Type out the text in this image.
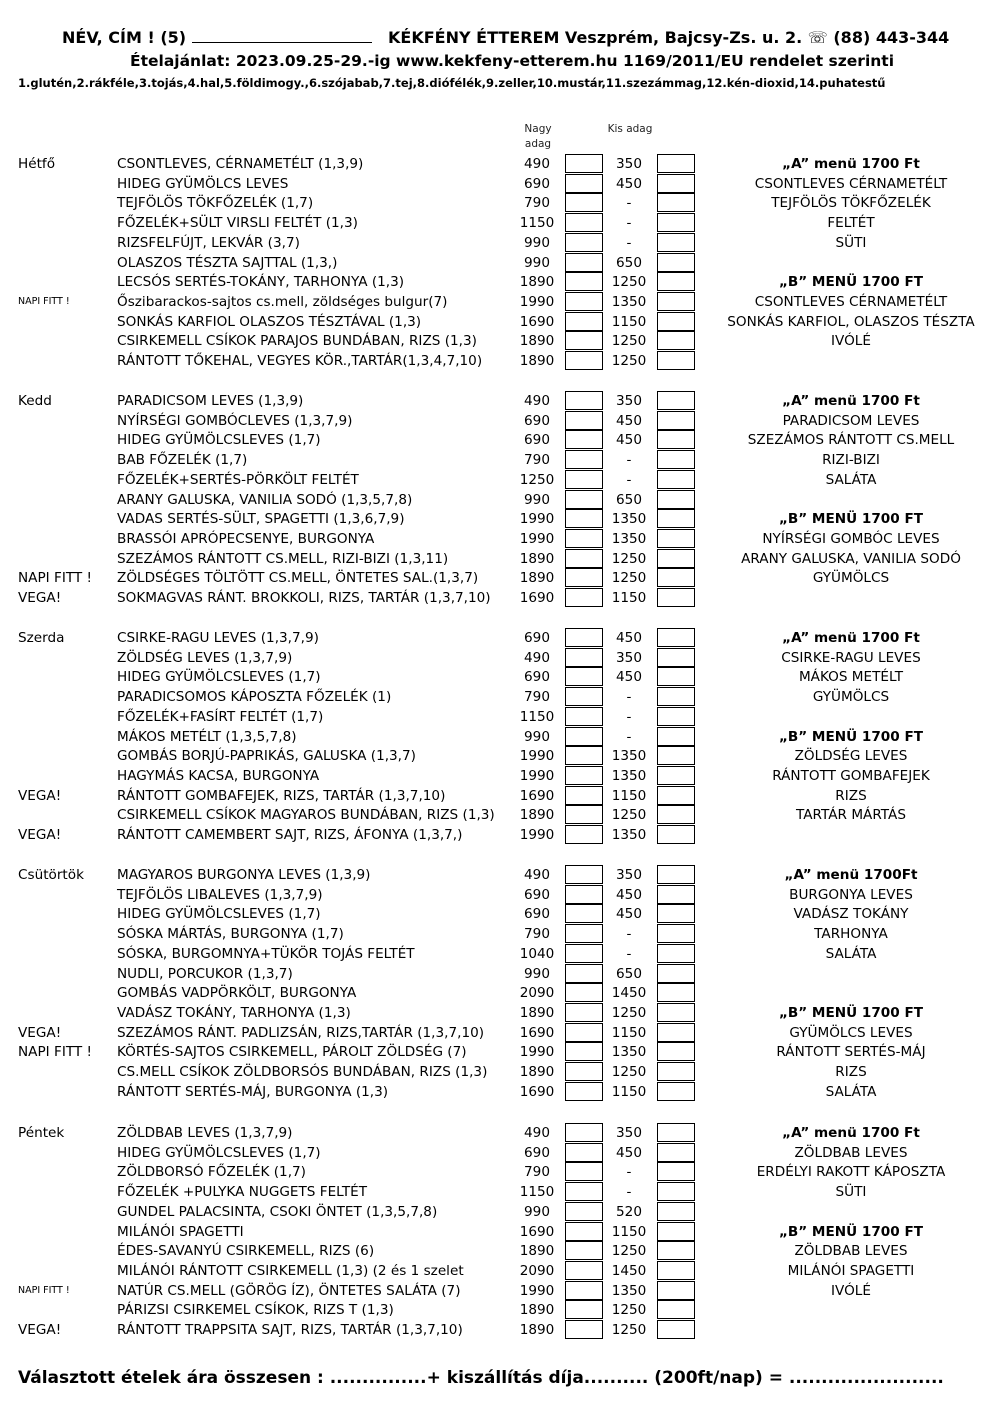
NÉV, CÍM ! (5)	KÉKFÉNY ÉTTEREM Veszprém, Bajcsy-Zs. u. 2. ☏ (88) 443-344
Ételajánlat: 2023.09.25-29.-ig www.kekfeny-etterem.hu 1169/2011/EU rendelet szerinti
1.glutén,2.rákféle,3.tojás,4.hal,5.földimogy.,6.szójabab,7.tej,8.diófélék,9.zeller,10.mustár,11.szezámmag,12.kén-dioxid,14.puhatestű
Nagy adag
Kis adag
Hétfő	CSONTLEVES, CÉRNAMETÉLT (1,3,9)	490	350	„A” menü 1700 Ft
HIDEG GYÜMÖLCS LEVES	690	450	CSONTLEVES CÉRNAMETÉLT
TEJFÖLÖS TÖKFŐZELÉK (1,7)	790	-	TEJFÖLÖS TÖKFŐZELÉK
FŐZELÉK+SÜLT VIRSLI FELTÉT (1,3)	1150	-	FELTÉT
RIZSFELFÚJT, LEKVÁR (3,7)	990	-	SÜTI
OLASZOS TÉSZTA SAJTTAL (1,3,)	990	650
LECSÓS SERTÉS-TOKÁNY, TARHONYA (1,3)	1890	1250	„B” MENÜ 1700 FT
NAPI FITT !	Őszibarackos-sajtos cs.mell, zöldséges bulgur(7)	1990	1350	CSONTLEVES CÉRNAMETÉLT
SONKÁS KARFIOL OLASZOS TÉSZTÁVAL (1,3)	1690	1150	SONKÁS KARFIOL, OLASZOS TÉSZTA
CSIRKEMELL CSÍKOK PARAJOS BUNDÁBAN, RIZS (1,3)	1890	1250	IVÓLÉ
RÁNTOTT TŐKEHAL, VEGYES KÖR.,TARTÁR(1,3,4,7,10)	1890	1250
Kedd	PARADICSOM LEVES (1,3,9)	490	350	„A” menü 1700 Ft
NYÍRSÉGI GOMBÓCLEVES (1,3,7,9)	690	450	PARADICSOM LEVES
HIDEG GYÜMÖLCSLEVES (1,7)	690	450	SZEZÁMOS RÁNTOTT CS.MELL
BAB FŐZELÉK (1,7)	790	-	RIZI-BIZI
FŐZELÉK+SERTÉS-PÖRKÖLT FELTÉT	1250	-	SALÁTA
ARANY GALUSKA, VANILIA SODÓ (1,3,5,7,8)	990	650
VADAS SERTÉS-SÜLT, SPAGETTI (1,3,6,7,9)	1990	1350	„B” MENÜ 1700 FT
BRASSÓI APRÓPECSENYE, BURGONYA	1990	1350	NYÍRSÉGI GOMBÓC LEVES
SZEZÁMOS RÁNTOTT CS.MELL, RIZI-BIZI (1,3,11)	1890	1250	ARANY GALUSKA, VANILIA SODÓ
NAPI FITT ! ZÖLDSÉGES TÖLTÖTT CS.MELL, ÖNTETES SAL.(1,3,7)	1890	1250	GYÜMÖLCS
VEGA!	SOKMAGVAS RÁNT. BROKKOLI, RIZS, TARTÁR (1,3,7,10)	1690	1150
Szerda	CSIRKE-RAGU LEVES (1,3,7,9)	690	450	„A” menü 1700 Ft
ZÖLDSÉG LEVES (1,3,7,9)	490	350	CSIRKE-RAGU LEVES
HIDEG GYÜMÖLCSLEVES (1,7)	690	450	MÁKOS METÉLT
PARADICSOMOS KÁPOSZTA FŐZELÉK (1)	790	-	GYÜMÖLCS
FŐZELÉK+FASÍRT FELTÉT (1,7)	1150	-
MÁKOS METÉLT (1,3,5,7,8)	990	-	„B” MENÜ 1700 FT
GOMBÁS BORJÚ-PAPRIKÁS, GALUSKA (1,3,7)	1990	1350	ZÖLDSÉG LEVES
HAGYMÁS KACSA, BURGONYA	1990	1350	RÁNTOTT GOMBAFEJEK
VEGA!	RÁNTOTT GOMBAFEJEK, RIZS, TARTÁR (1,3,7,10)	1690	1150	RIZS
CSIRKEMELL CSÍKOK MAGYAROS BUNDÁBAN, RIZS (1,3)	1890	1250	TARTÁR MÁRTÁS
VEGA!	RÁNTOTT CAMEMBERT SAJT, RIZS, ÁFONYA (1,3,7,)	1990	1350
Csütörtök MAGYAROS BURGONYA LEVES (1,3,9)	490	350	„A” menü 1700Ft
TEJFÖLÖS LIBALEVES (1,3,7,9)	690	450	BURGONYA LEVES
HIDEG GYÜMÖLCSLEVES (1,7)	690	450	VADÁSZ TOKÁNY
SÓSKA MÁRTÁS, BURGONYA (1,7)	790	-	TARHONYA
SÓSKA, BURGOMNYA+TÜKÖR TOJÁS FELTÉT	1040	-	SALÁTA
NUDLI, PORCUKOR (1,3,7)	990	650
GOMBÁS VADPÖRKÖLT, BURGONYA	2090	1450
VADÁSZ TOKÁNY, TARHONYA (1,3)	1890	1250	„B” MENÜ 1700 FT
VEGA!	SZEZÁMOS RÁNT. PADLIZSÁN, RIZS,TARTÁR (1,3,7,10)	1690	1150	GYÜMÖLCS LEVES
NAPI FITT ! KÖRTÉS-SAJTOS CSIRKEMELL, PÁROLT ZÖLDSÉG (7)	1990	1350	RÁNTOTT SERTÉS-MÁJ
CS.MELL CSÍKOK ZÖLDBORSÓS BUNDÁBAN, RIZS (1,3)	1890	1250	RIZS
RÁNTOTT SERTÉS-MÁJ, BURGONYA (1,3)	1690	1150	SALÁTA
Péntek	ZÖLDBAB LEVES (1,3,7,9)	490	350	„A” menü 1700 Ft
HIDEG GYÜMÖLCSLEVES (1,7)	690	450	ZÖLDBAB LEVES
ZÖLDBORSÓ FŐZELÉK (1,7)	790	-	ERDÉLYI RAKOTT KÁPOSZTA
FŐZELÉK +PULYKA NUGGETS FELTÉT	1150	-	SÜTI
GUNDEL PALACSINTA, CSOKI ÖNTET (1,3,5,7,8)	990	520
MILÁNÓI SPAGETTI	1690	1150	„B” MENÜ 1700 FT
ÉDES-SAVANYÚ CSIRKEMELL, RIZS (6)	1890	1250	ZÖLDBAB LEVES
MILÁNÓI RÁNTOTT CSIRKEMELL (1,3) (2 és 1 szelet	2090	1450	MILÁNÓI SPAGETTI
NAPI FITT !	NATÚR CS.MELL (GÖRÖG ÍZ), ÖNTETES SALÁTA (7)	1990	1350	IVÓLÉ
PÁRIZSI CSIRKEMEL CSÍKOK, RIZS T (1,3)	1890	1250
VEGA!	RÁNTOTT TRAPPSITA SAJT, RIZS, TARTÁR (1,3,7,10)	1890	1250
Választott ételek ára összesen : ...............+ kiszállítás díja.......... (200ft/nap) = ........................
